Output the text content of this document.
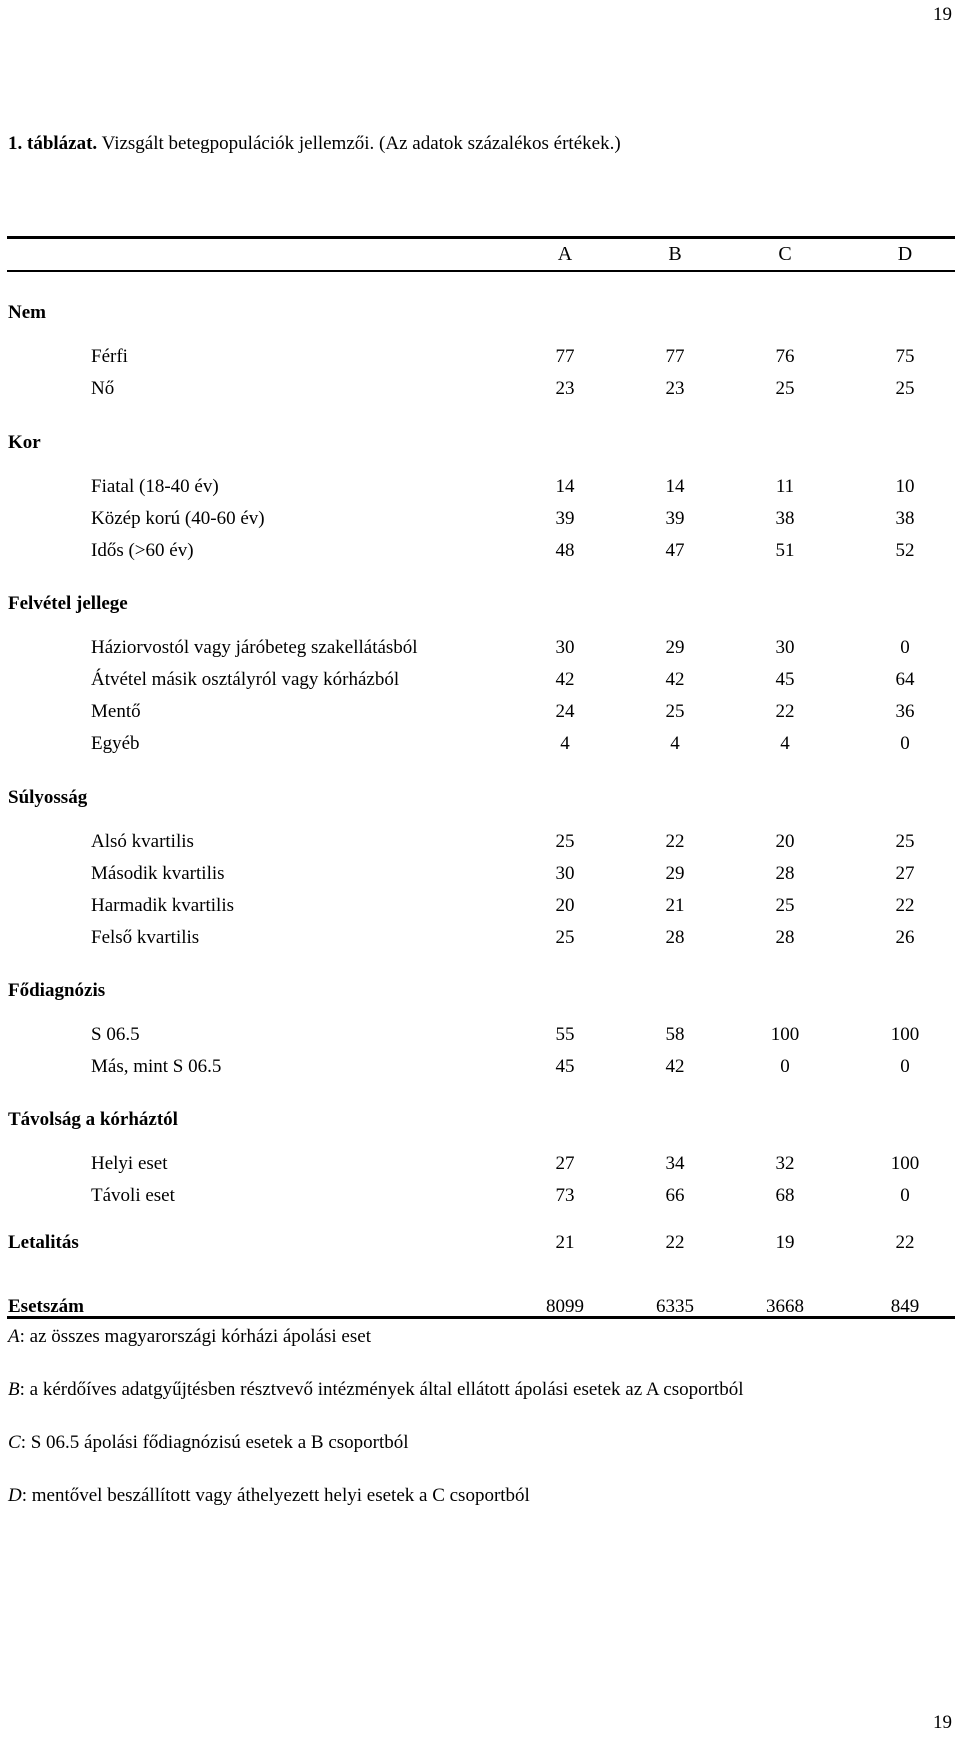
19
19
1. táblázat. Vizsgált betegpopulációk jellemzői. (Az adatok százalékos értékek.)
A	B	C	D
Nem
Férfi	77	77	76	75
Nő	23	23	25	25
Kor
Fiatal (18-40 év)	14	14	11	10
Közép korú (40-60 év)	39	39	38	38
Idős (>60 év)	48	47	51	52
Felvétel jellege
Háziorvostól vagy járóbeteg szakellátásból	30	29	30	0
Átvétel másik osztályról vagy kórházból	42	42	45	64
Mentő	24	25	22	36
Egyéb	4	4	4	0
Súlyosság
Alsó kvartilis	25	22	20	25
Második kvartilis	30	29	28	27
Harmadik kvartilis	20	21	25	22
Felső kvartilis	25	28	28	26
Fődiagnózis
S 06.5	55	58	100	100
Más, mint S 06.5	45	42	0	0
Távolság a kórháztól
Helyi eset	27	34	32	100
Távoli eset	73	66	68	0
Letalitás	21	22	19	22
Esetszám	8099	6335	3668	849
A: az összes magyarországi kórházi ápolási eset
B: a kérdőíves adatgyűjtésben résztvevő intézmények által ellátott ápolási esetek az A csoportból
C: S 06.5 ápolási fődiagnózisú esetek a B csoportból
D: mentővel beszállított vagy áthelyezett helyi esetek a C csoportból
